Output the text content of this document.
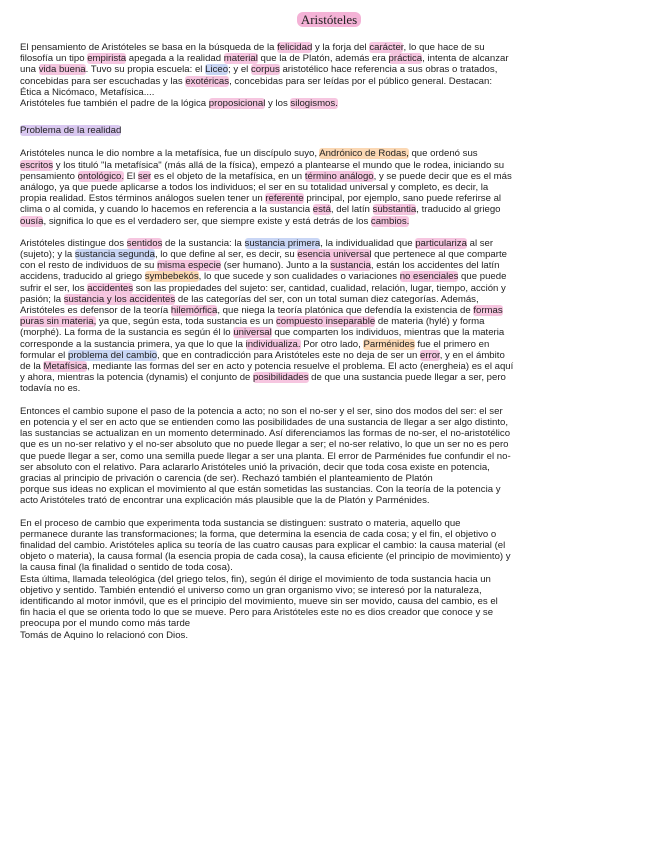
Aristóteles
El pensamiento de Aristóteles se basa en la búsqueda de la felicidad y la forja del carácter, lo que hace de su
filosofía un tipo empirista apegada a la realidad material que la de Platón, además era práctica, intenta de alcanzar
una vida buena. Tuvo su propia escuela: el Liceo; y el corpus aristotélico hace referencia a sus obras o tratados,
concebidas para ser escuchadas y las exotéricas, concebidas para ser leídas por el público general. Destacan:
Ética a Nicómaco, Metafísica....
Aristóteles fue también el padre de la lógica proposicional y los silogismos.
Problema de la realidad
Aristóteles nunca le dio nombre a la metafísica, fue un discípulo suyo, Andrónico de Rodas, que ordenó sus
escritos y los tituló "la metafísica" (más allá de la física), empezó a plantearse el mundo que le rodea, iniciando su
pensamiento ontológico. El ser es el objeto de la metafísica, en un término análogo, y se puede decir que es el más
análogo, ya que puede aplicarse a todos los individuos; el ser en su totalidad universal y completo, es decir, la
propia realidad. Estos términos análogos suelen tener un referente principal, por ejemplo, sano puede referirse al
clima o al comida, y cuando lo hacemos en referencia a la sustancia está, del latín substantia, traducido al griego
ousía, significa lo que es el verdadero ser, que siempre existe y está detrás de los cambios.
Aristóteles distingue dos sentidos de la sustancia: la sustancia primera, la individualidad que particulariza al ser
(sujeto); y la sustancia segunda, lo que define al ser, es decir, su esencia universal que pertenece al que comparte
con el resto de individuos de su misma especie (ser humano). Junto a la sustancia, están los accidentes del latín
accidens, traducido al griego symbebekós, lo que sucede y son cualidades o variaciones no esenciales que puede
sufrir el ser, los accidentes son las propiedades del sujeto: ser, cantidad, cualidad, relación, lugar, tiempo, acción y
pasión; la sustancia y los accidentes de las categorías del ser, con un total suman diez categorías. Además,
Aristóteles es defensor de la teoría hilemórfica, que niega la teoría platónica que defendía la existencia de formas
puras sin materia, ya que, según esta, toda sustancia es un compuesto inseparable de materia (hylé) y forma
(morphé). La forma de la sustancia es según él lo universal que comparten los individuos, mientras que la materia
corresponde a la sustancia primera, ya que lo que la individualiza. Por otro lado, Parménides fue el primero en
formular el problema del cambio, que en contradicción para Aristóteles este no deja de ser un error, y en el ámbito
de la Metafísica, mediante las formas del ser en acto y potencia resuelve el problema. El acto (energheia) es el aquí
y ahora, mientras la potencia (dynamis) el conjunto de posibilidades de que una sustancia puede llegar a ser, pero
todavía no es.
Entonces el cambio supone el paso de la potencia a acto; no son el no-ser y el ser, sino dos modos del ser: el ser
en potencia y el ser en acto que se entienden como las posibilidades de una sustancia de llegar a ser algo distinto,
las sustancias se actualizan en un momento determinado. Así diferenciamos las formas de no-ser, el no-aristotélico
que es un no-ser relativo y el no-ser absoluto que no puede llegar a ser; el no-ser relativo, lo que un ser no es pero
que puede llegar a ser, como una semilla puede llegar a ser una planta. El error de Parménides fue confundir el no-
ser absoluto con el relativo. Para aclararlo Aristóteles unió la privación, decir que toda cosa existe en potencia,
gracias al principio de privación o carencia (de ser). Rechazó también el planteamiento de Platón
porque sus ideas no explican el movimiento al que están sometidas las sustancias. Con la teoría de la potencia y
acto Aristóteles trató de encontrar una explicación más plausible que la de Platón y Parménides.
En el proceso de cambio que experimenta toda sustancia se distinguen: sustrato o materia, aquello que
permanece durante las transformaciones; la forma, que determina la esencia de cada cosa; y el fin, el objetivo o
finalidad del cambio. Aristóteles aplica su teoría de las cuatro causas para explicar el cambio: la causa material (el
objeto o materia), la causa formal (la esencia propia de cada cosa), la causa eficiente (el principio de movimiento) y
la causa final (la finalidad o sentido de toda cosa).
Esta última, llamada teleológica (del griego telos, fin), según él dirige el movimiento de toda sustancia hacia un
objetivo y sentido. También entendió el universo como un gran organismo vivo; se interesó por la naturaleza,
identificando al motor inmóvil, que es el principio del movimiento, mueve sin ser movido, causa del cambio, es el
fin hacia el que se orienta todo lo que se mueve. Pero para Aristóteles este no es dios creador que conoce y se
preocupa por el mundo como más tarde
Tomás de Aquino lo relacionó con Dios.
